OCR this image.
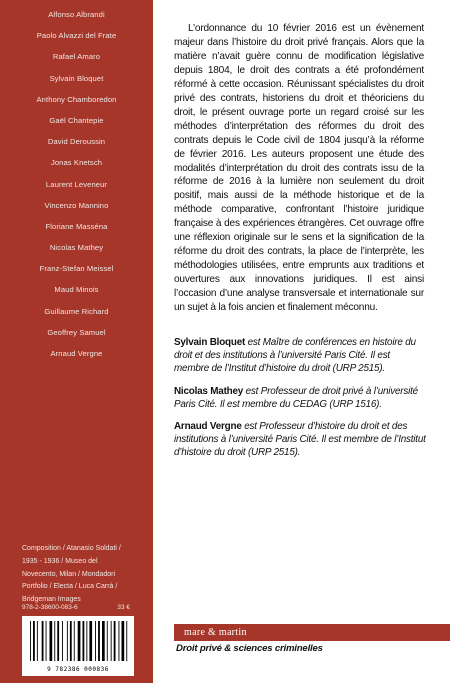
Alfonso Albrandi
Paolo Alvazzi del Frate
Rafael Amaro
Sylvain Bloquet
Anthony Chamboredon
Gaël Chantepie
David Deroussin
Jonas Knetsch
Laurent Leveneur
Vincenzo Mannino
Floriane Masséna
Nicolas Mathey
Franz-Stefan Meissel
Maud Minois
Guillaume Richard
Geoffrey Samuel
Arnaud Vergne
Composition / Atanasio Soldati / 1935 - 1936 / Museo del Novecento, Milan / Mondadori Portfolio / Electa / Luca Carrà / Bridgeman Images
978-2-38600-083-6	33 €
9 782386 000836

L’ordonnance du 10 février 2016 est un évènement majeur dans l’histoire du droit privé français. Alors que la matière n’avait guère connu de modification législative depuis 1804, le droit des contrats a été profondément réformé à cette occasion. Réunissant spécialistes du droit privé des contrats, historiens du droit et théoriciens du droit, le présent ouvrage porte un regard croisé sur les méthodes d’interprétation des réformes du droit des contrats depuis le Code civil de 1804 jusqu’à la réforme de février 2016. Les auteurs proposent une étude des modalités d’interprétation du droit des contrats issu de la réforme de 2016 à la lumière non seulement du droit positif, mais aussi de la méthode historique et de la méthode comparative, confrontant l’histoire juridique française à des expériences étrangères. Cet ouvrage offre une réflexion originale sur le sens et la signification de la réforme du droit des contrats, la place de l’interprète, les méthodologies utilisées, entre emprunts aux traditions et ouvertures aux innovations juridiques. Il est ainsi l’occasion d’une analyse transversale et internationale sur un sujet à la fois ancien et finalement méconnu.

Sylvain Bloquet est Maître de conférences en histoire du droit et des institutions à l’université Paris Cité. Il est membre de l’Institut d’histoire du droit (URP 2515).

Nicolas Mathey est Professeur de droit privé à l’université Paris Cité. Il est membre du CEDAG (URP 1516).

Arnaud Vergne est Professeur d’histoire du droit et des institutions à l’université Paris Cité. Il est membre de l’Institut d’histoire du droit (URP 2515).

mare & martin
Droit privé & sciences criminelles
